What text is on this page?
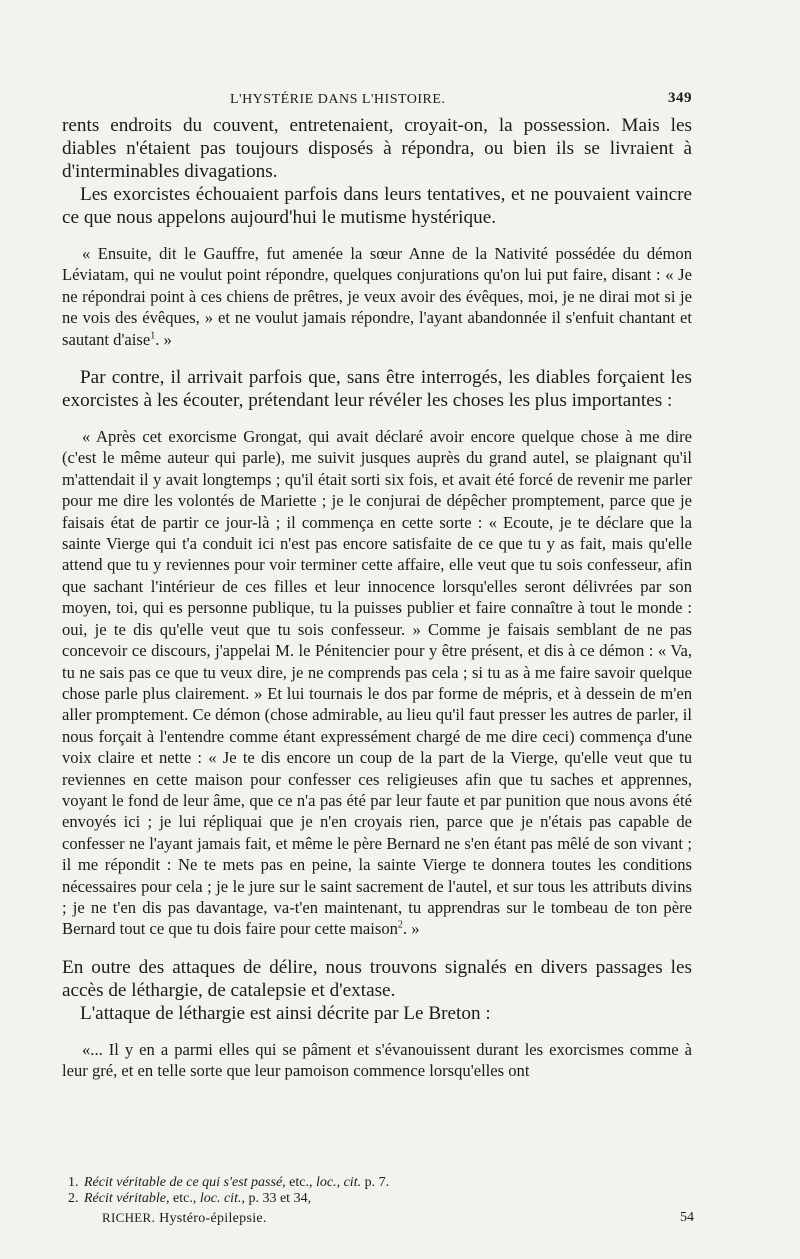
L'HYSTÉRIE DANS L'HISTOIRE.	349

rents endroits du couvent, entretenaient, croyait-on, la possession. Mais les diables n'étaient pas toujours disposés à répondra, ou bien ils se livraient à d'interminables divagations.

Les exorcistes échouaient parfois dans leurs tentatives, et ne pouvaient vaincre ce que nous appelons aujourd'hui le mutisme hystérique.

« Ensuite, dit le Gauffre, fut amenée la sœur Anne de la Nativité possédée du démon Léviatam, qui ne voulut point répondre, quelques conjurations qu'on lui put faire, disant : « Je ne répondrai point à ces chiens de prêtres, je veux avoir des évêques, moi, je ne dirai mot si je ne vois des évêques, » et ne voulut jamais répondre, l'ayant abandonnée il s'enfuit chantant et sautant d'aise$^1$. »

Par contre, il arrivait parfois que, sans être interrogés, les diables forçaient les exorcistes à les écouter, prétendant leur révéler les choses les plus importantes :

« Après cet exorcisme Grongat, qui avait déclaré avoir encore quelque chose à me dire (c'est le même auteur qui parle), me suivit jusques auprès du grand autel, se plaignant qu'il m'attendait il y avait longtemps ; qu'il était sorti six fois, et avait été forcé de revenir me parler pour me dire les volontés de Mariette ; je le conjurai de dépêcher promptement, parce que je faisais état de partir ce jour-là ; il commença en cette sorte : « Ecoute, je te déclare que la sainte Vierge qui t'a conduit ici n'est pas encore satisfaite de ce que tu y as fait, mais qu'elle attend que tu y reviennes pour voir terminer cette affaire, elle veut que tu sois confesseur, afin que sachant l'intérieur de ces filles et leur innocence lorsqu'elles seront délivrées par son moyen, toi, qui es personne publique, tu la puisses publier et faire connaître à tout le monde : oui, je te dis qu'elle veut que tu sois confesseur. » Comme je faisais semblant de ne pas concevoir ce discours, j'appelai M. le Pénitencier pour y être présent, et dis à ce démon : « Va, tu ne sais pas ce que tu veux dire, je ne comprends pas cela ; si tu as à me faire savoir quelque chose parle plus clairement. » Et lui tournais le dos par forme de mépris, et à dessein de m'en aller promptement. Ce démon (chose admirable, au lieu qu'il faut presser les autres de parler, il nous forçait à l'entendre comme étant expressément chargé de me dire ceci) commença d'une voix claire et nette : « Je te dis encore un coup de la part de la Vierge, qu'elle veut que tu reviennes en cette maison pour confesser ces religieuses afin que tu saches et apprennes, voyant le fond de leur âme, que ce n'a pas été par leur faute et par punition que nous avons été envoyés ici ; je lui répliquai que je n'en croyais rien, parce que je n'étais pas capable de confesser ne l'ayant jamais fait, et même le père Bernard ne s'en étant pas mêlé de son vivant ; il me répondit : Ne te mets pas en peine, la sainte Vierge te donnera toutes les conditions nécessaires pour cela ; je le jure sur le saint sacrement de l'autel, et sur tous les attributs divins ; je ne t'en dis pas davantage, va-t'en maintenant, tu apprendras sur le tombeau de ton père Bernard tout ce que tu dois faire pour cette maison$^2$. »

En outre des attaques de délire, nous trouvons signalés en divers passages les accès de léthargie, de catalepsie et d'extase.

L'attaque de léthargie est ainsi décrite par Le Breton :

«... Il y en a parmi elles qui se pâment et s'évanouissent durant les exorcismes comme à leur gré, et en telle sorte que leur pamoison commence lorsqu'elles ont

1. Récit véritable de ce qui s'est passé, etc., loc., cit. p. 7.
2. Récit véritable, etc., loc. cit., p. 33 et 34,
RICHER. Hystéro-épilepsie.	54
